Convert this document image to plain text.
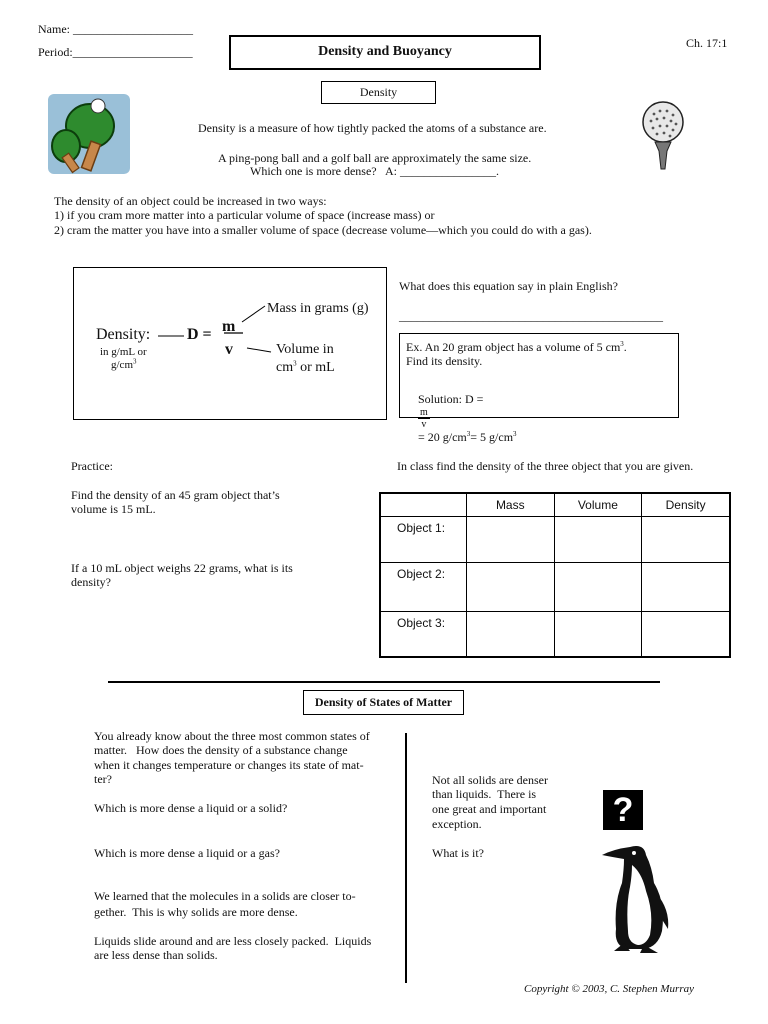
Name: ____________________
Period:____________________	Density and Buoyancy
Ch. 17:1
Density
Density is a measure of how tightly packed the atoms of a substance are.
A ping-pong ball and a golf ball are approximately the same size.
Which one is more dense?   A: ________________.
The density of an object could be increased in two ways:
1) if you cram more matter into a particular volume of space (increase mass) or
2) cram the matter you have into a smaller volume of space (decrease volume—which you could do with a gas).
Density:
in g/mL or
$g/cm^3$
D = m
v
Mass in grams (g)
Volume in
$cm^3$ or mL
What does this equation say in plain English?
____________________________________________
Ex. An 20 gram object has a volume of 5 $cm^3$.
Find its density.

Solution: D =

$\frac{m}{v}$

= 20 $g/cm^3= 5$ $g/cm^3$

Practice:
Find the density of an 45 gram object that’s
volume is 15 mL.
If a 10 mL object weighs 22 grams, what is its
density?
In class find the density of the three object that you are given.
	Mass	Volume	Density
Object 1:			
Object 2:			
Object 3:			
Density of States of Matter
You already know about the three most common states of
matter.   How does the density of a substance change
when it changes temperature or changes its state of mat-
ter?
Which is more dense a liquid or a solid?
Which is more dense a liquid or a gas?
We learned that the molecules in a solids are closer to-
gether.  This is why solids are more dense.
Liquids slide around and are less closely packed.  Liquids
are less dense than solids.
Not all solids are denser
than liquids.  There is
one great and important
exception.
What is it?
?
Copyright © 2003, C. Stephen Murray
